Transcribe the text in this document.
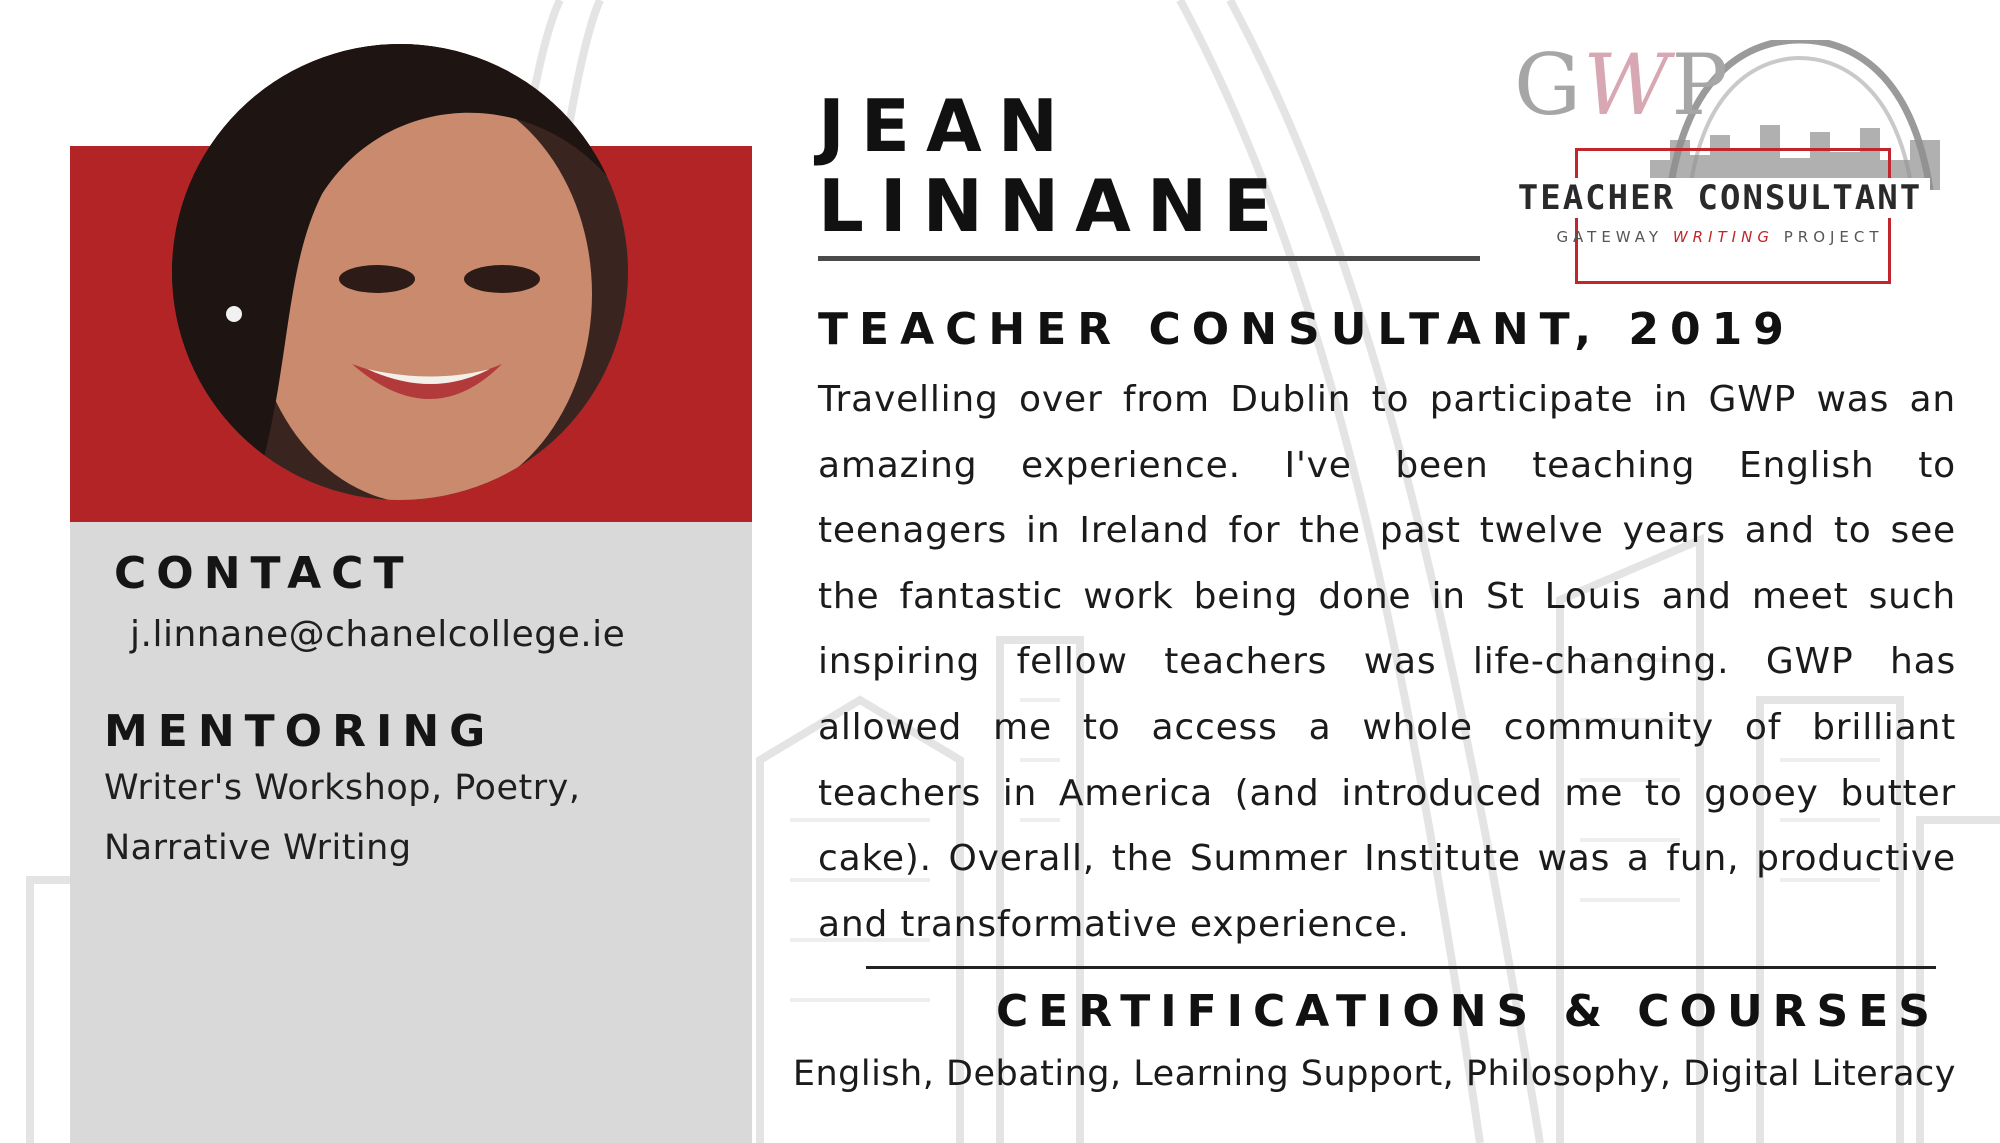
CONTACT
j.linnane@chanelcollege.ie
MENTORING
Writer's Workshop, Poetry,
Narrative Writing
JEAN
LINNANE
TEACHER CONSULTANT, 2019
Travelling over from Dublin to participate in GWP was an amazing experience. I've been teaching English to teenagers in Ireland for the past twelve years and to see the fantastic work being done in St Louis and meet such inspiring fellow teachers was life-changing. GWP has allowed me to access a whole community of brilliant teachers in America (and introduced me to gooey butter cake). Overall, the Summer Institute was a fun, productive and transformative experience.
CERTIFICATIONS & COURSES
English, Debating, Learning Support, Philosophy, Digital Literacy
GWP
TEACHER CONSULTANT
GATEWAY WRITING PROJECT
